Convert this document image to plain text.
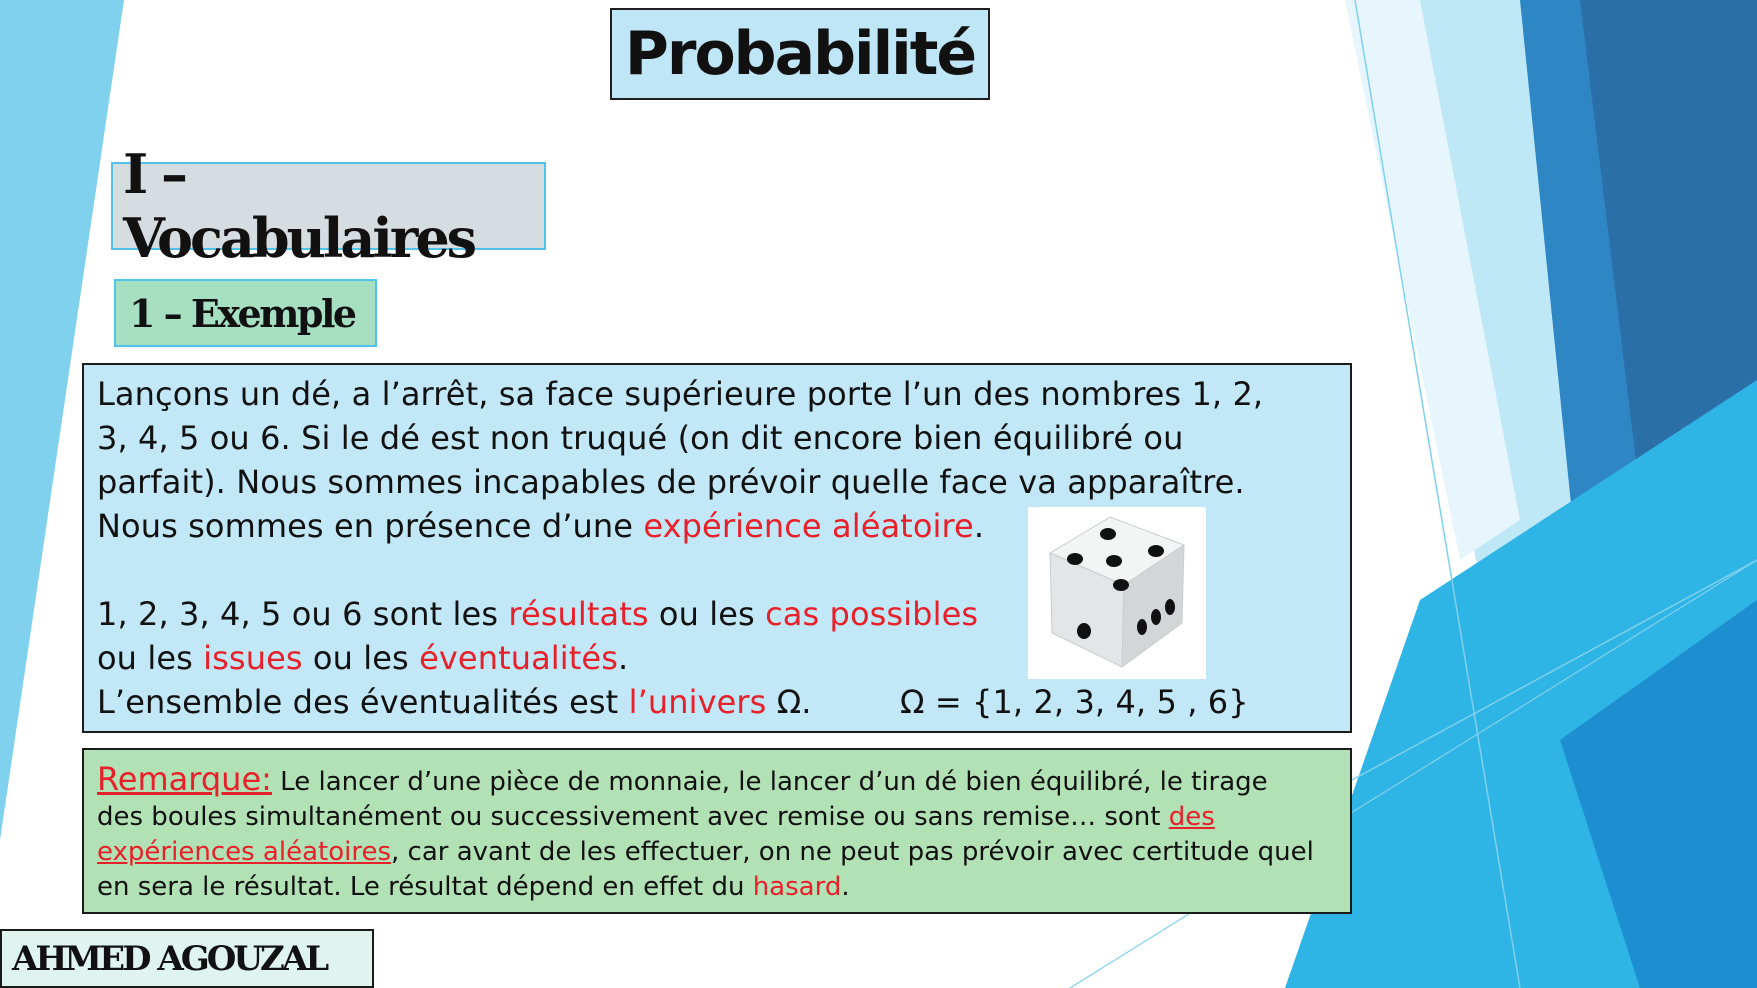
Probabilité
I – Vocabulaires
1 – Exemple
Lançons un dé, a l’arrêt, sa face supérieure porte l’un des nombres 1, 2,
3, 4, 5 ou 6. Si le dé est non truqué (on dit encore bien équilibré ou
parfait). Nous sommes incapables de prévoir quelle face va apparaître.
Nous sommes en présence d’une expérience aléatoire.
1, 2, 3, 4, 5 ou 6 sont les résultats ou les cas possibles
ou les issues ou les éventualités.
L’ensemble des éventualités est l’univers Ω.	Ω = {1, 2, 3, 4, 5 , 6}
Remarque: Le lancer d’une pièce de monnaie, le lancer d’un dé bien équilibré, le tirage
des boules simultanément ou successivement avec remise ou sans remise… sont des
expériences aléatoires, car avant de les effectuer, on ne peut pas prévoir avec certitude quel
en sera le résultat. Le résultat dépend en effet du hasard.
AHMED AGOUZAL
